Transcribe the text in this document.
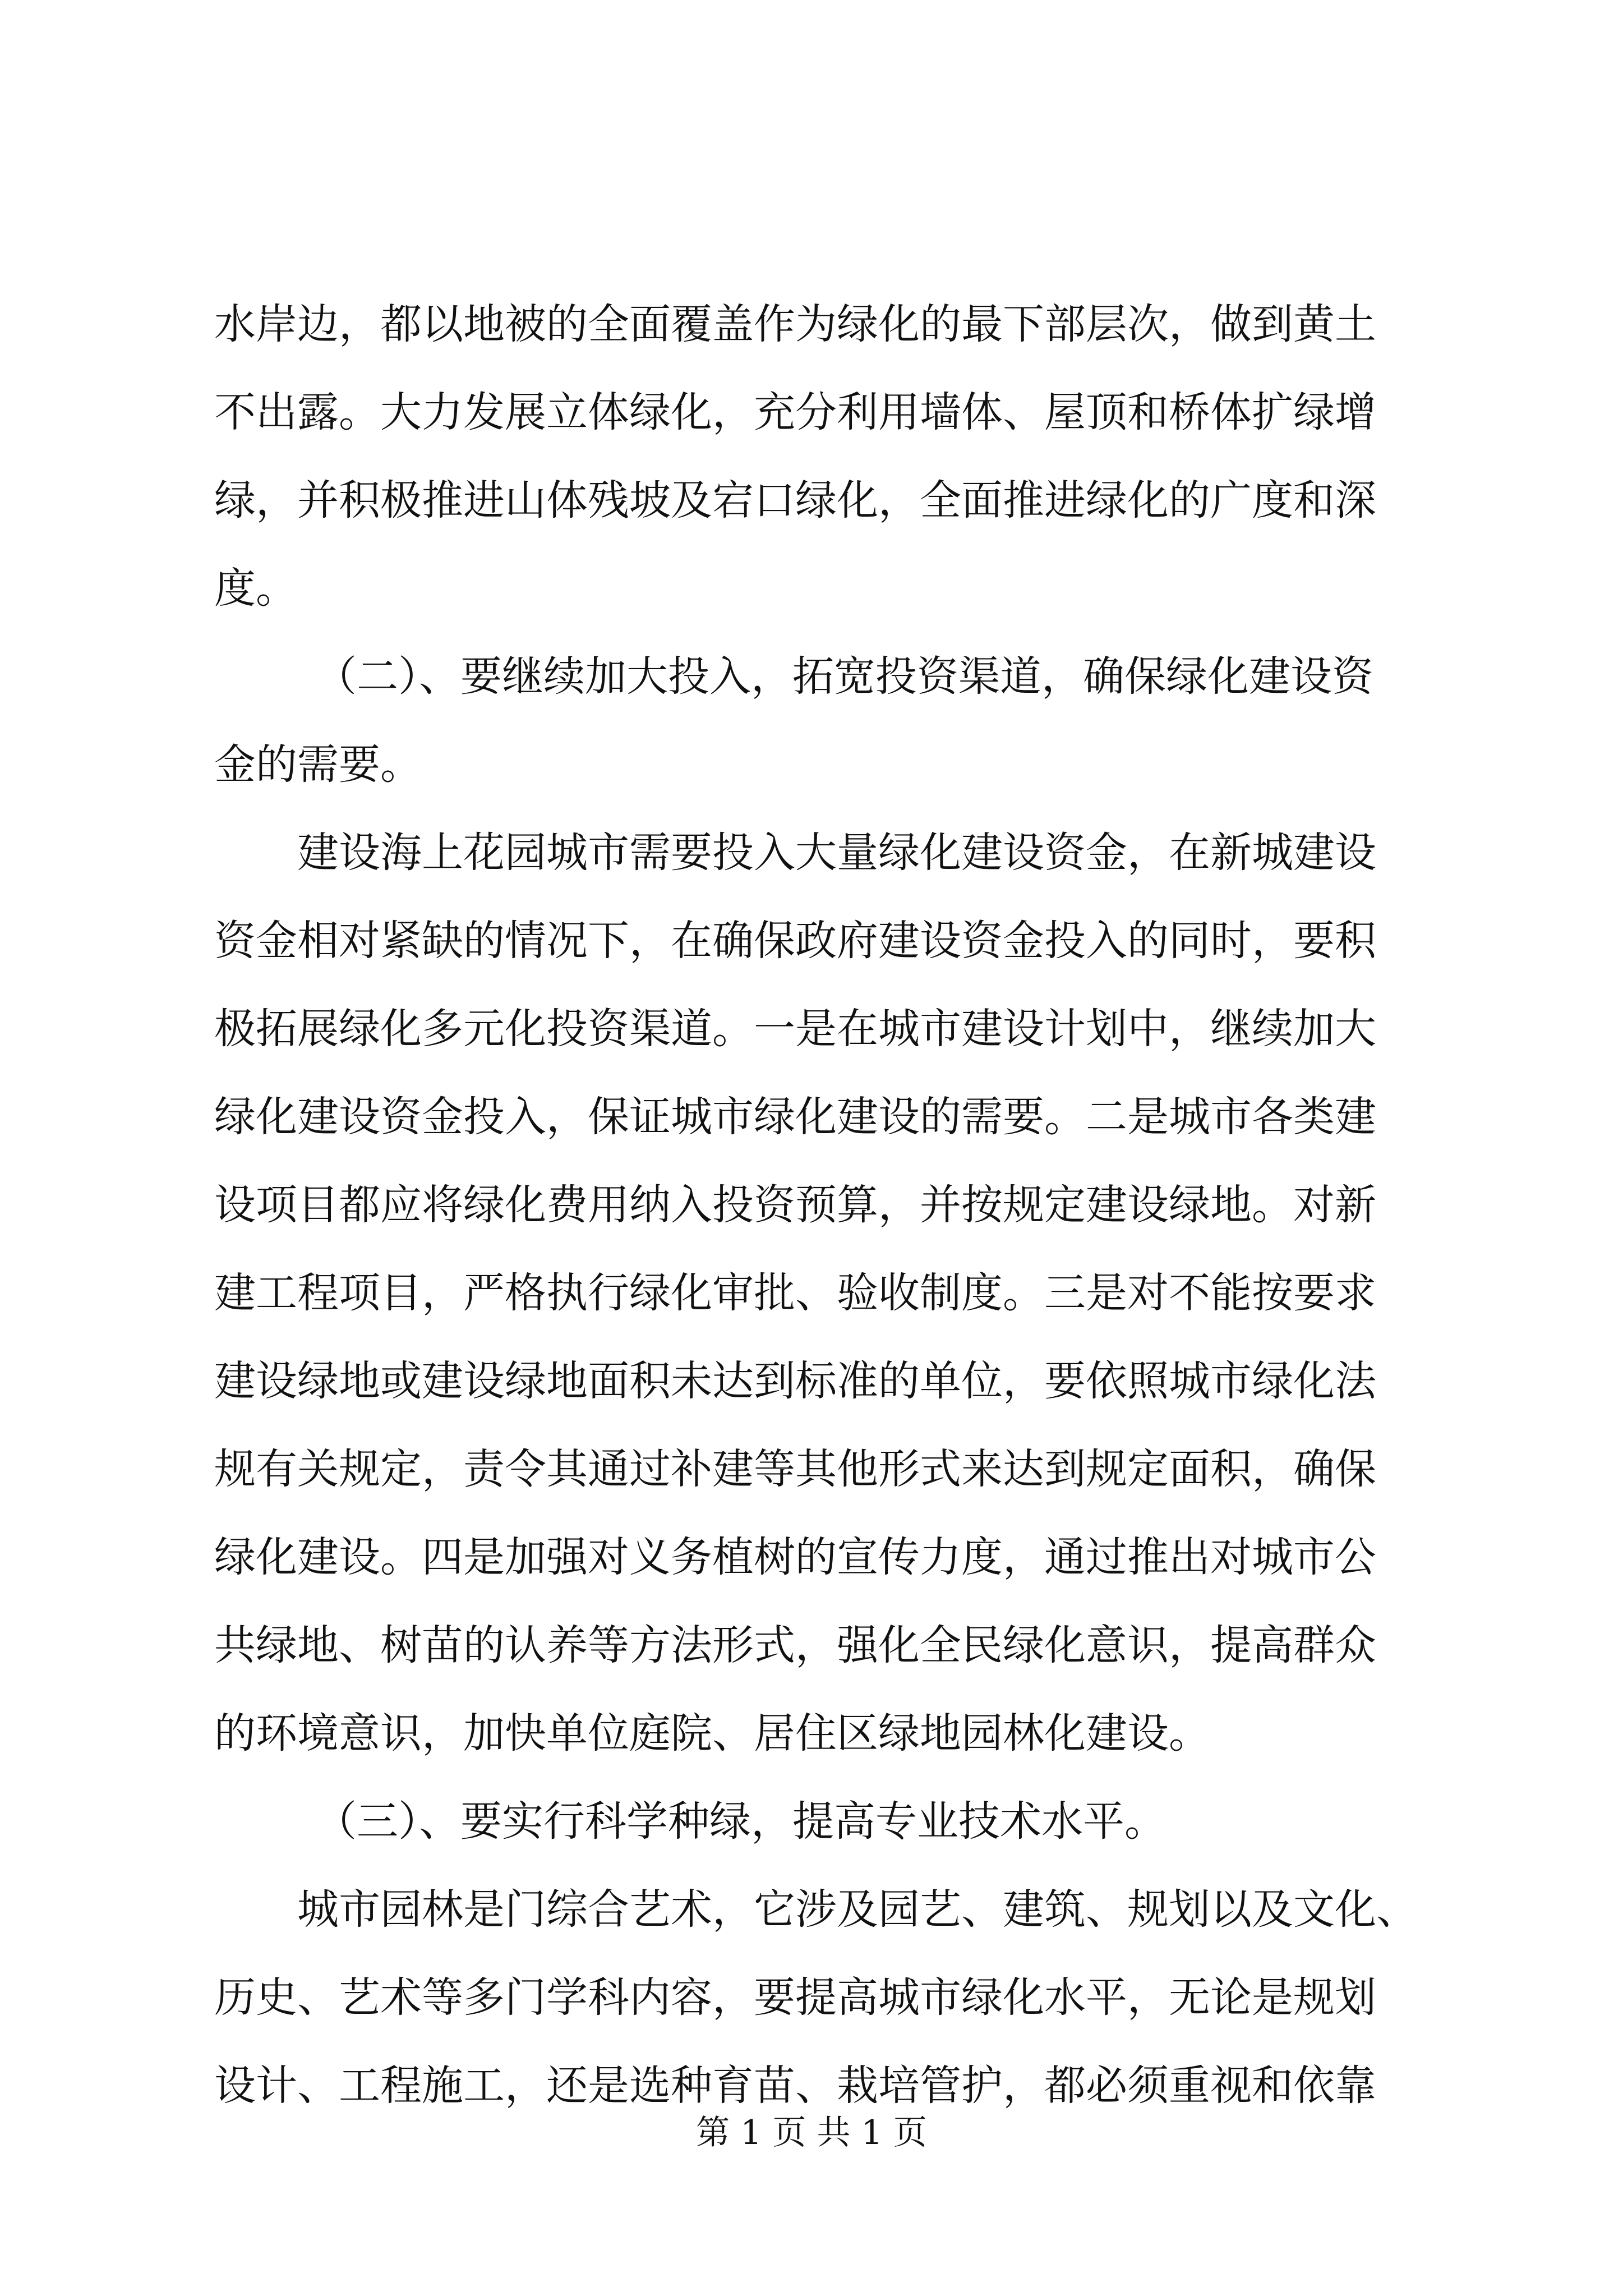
水岸边，都以地被的全面覆盖作为绿化的最下部层次，做到黄土
不出露。大力发展立体绿化，充分利用墙体、屋顶和桥体扩绿增
绿，并积极推进山体残坡及宕口绿化，全面推进绿化的广度和深
度。
（二）、要继续加大投入，拓宽投资渠道，确保绿化建设资
金的需要。
建设海上花园城市需要投入大量绿化建设资金，在新城建设
资金相对紧缺的情况下，在确保政府建设资金投入的同时，要积
极拓展绿化多元化投资渠道。一是在城市建设计划中，继续加大
绿化建设资金投入，保证城市绿化建设的需要。二是城市各类建
设项目都应将绿化费用纳入投资预算，并按规定建设绿地。对新
建工程项目，严格执行绿化审批、验收制度。三是对不能按要求
建设绿地或建设绿地面积未达到标准的单位，要依照城市绿化法
规有关规定，责令其通过补建等其他形式来达到规定面积，确保
绿化建设。四是加强对义务植树的宣传力度，通过推出对城市公
共绿地、树苗的认养等方法形式，强化全民绿化意识，提高群众
的环境意识，加快单位庭院、居住区绿地园林化建设。
（三）、要实行科学种绿，提高专业技术水平。
城市园林是门综合艺术，它涉及园艺、建筑、规划以及文化、
历史、艺术等多门学科内容，要提高城市绿化水平，无论是规划
设计、工程施工，还是选种育苗、栽培管护，都必须重视和依靠
第 1 页 共 1 页
